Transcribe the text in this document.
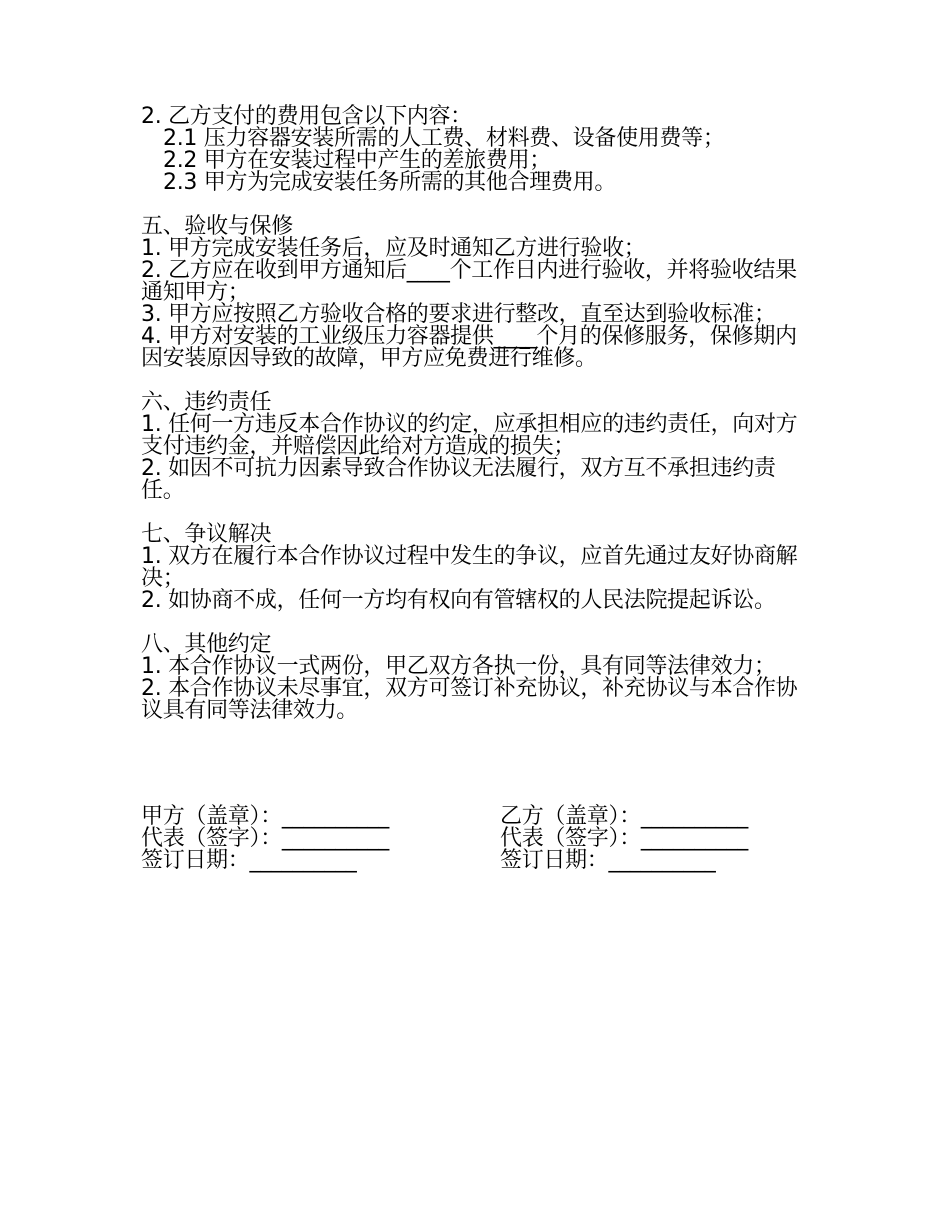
2. 乙方支付的费用包含以下内容：
2.1 压力容器安装所需的人工费、材料费、设备使用费等；
2.2 甲方在安装过程中产生的差旅费用；
2.3 甲方为完成安装任务所需的其他合理费用。
五、验收与保修
1. 甲方完成安装任务后，应及时通知乙方进行验收；
2. 乙方应在收到甲方通知后____个工作日内进行验收，并将验收结果通知甲方；
3. 甲方应按照乙方验收合格的要求进行整改，直至达到验收标准；
4. 甲方对安装的工业级压力容器提供____个月的保修服务，保修期内因安装原因导致的故障，甲方应免费进行维修。
六、违约责任
1. 任何一方违反本合作协议的约定，应承担相应的违约责任，向对方支付违约金，并赔偿因此给对方造成的损失；
2. 如因不可抗力因素导致合作协议无法履行，双方互不承担违约责任。
七、争议解决
1. 双方在履行本合作协议过程中发生的争议，应首先通过友好协商解决；
2. 如协商不成，任何一方均有权向有管辖权的人民法院提起诉讼。
八、其他约定
1. 本合作协议一式两份，甲乙双方各执一份，具有同等法律效力；
2. 本合作协议未尽事宜，双方可签订补充协议，补充协议与本合作协议具有同等法律效力。
甲方（盖章）：__________
代表（签字）：__________
签订日期：__________
乙方（盖章）：__________
代表（签字）：__________
签订日期：__________
